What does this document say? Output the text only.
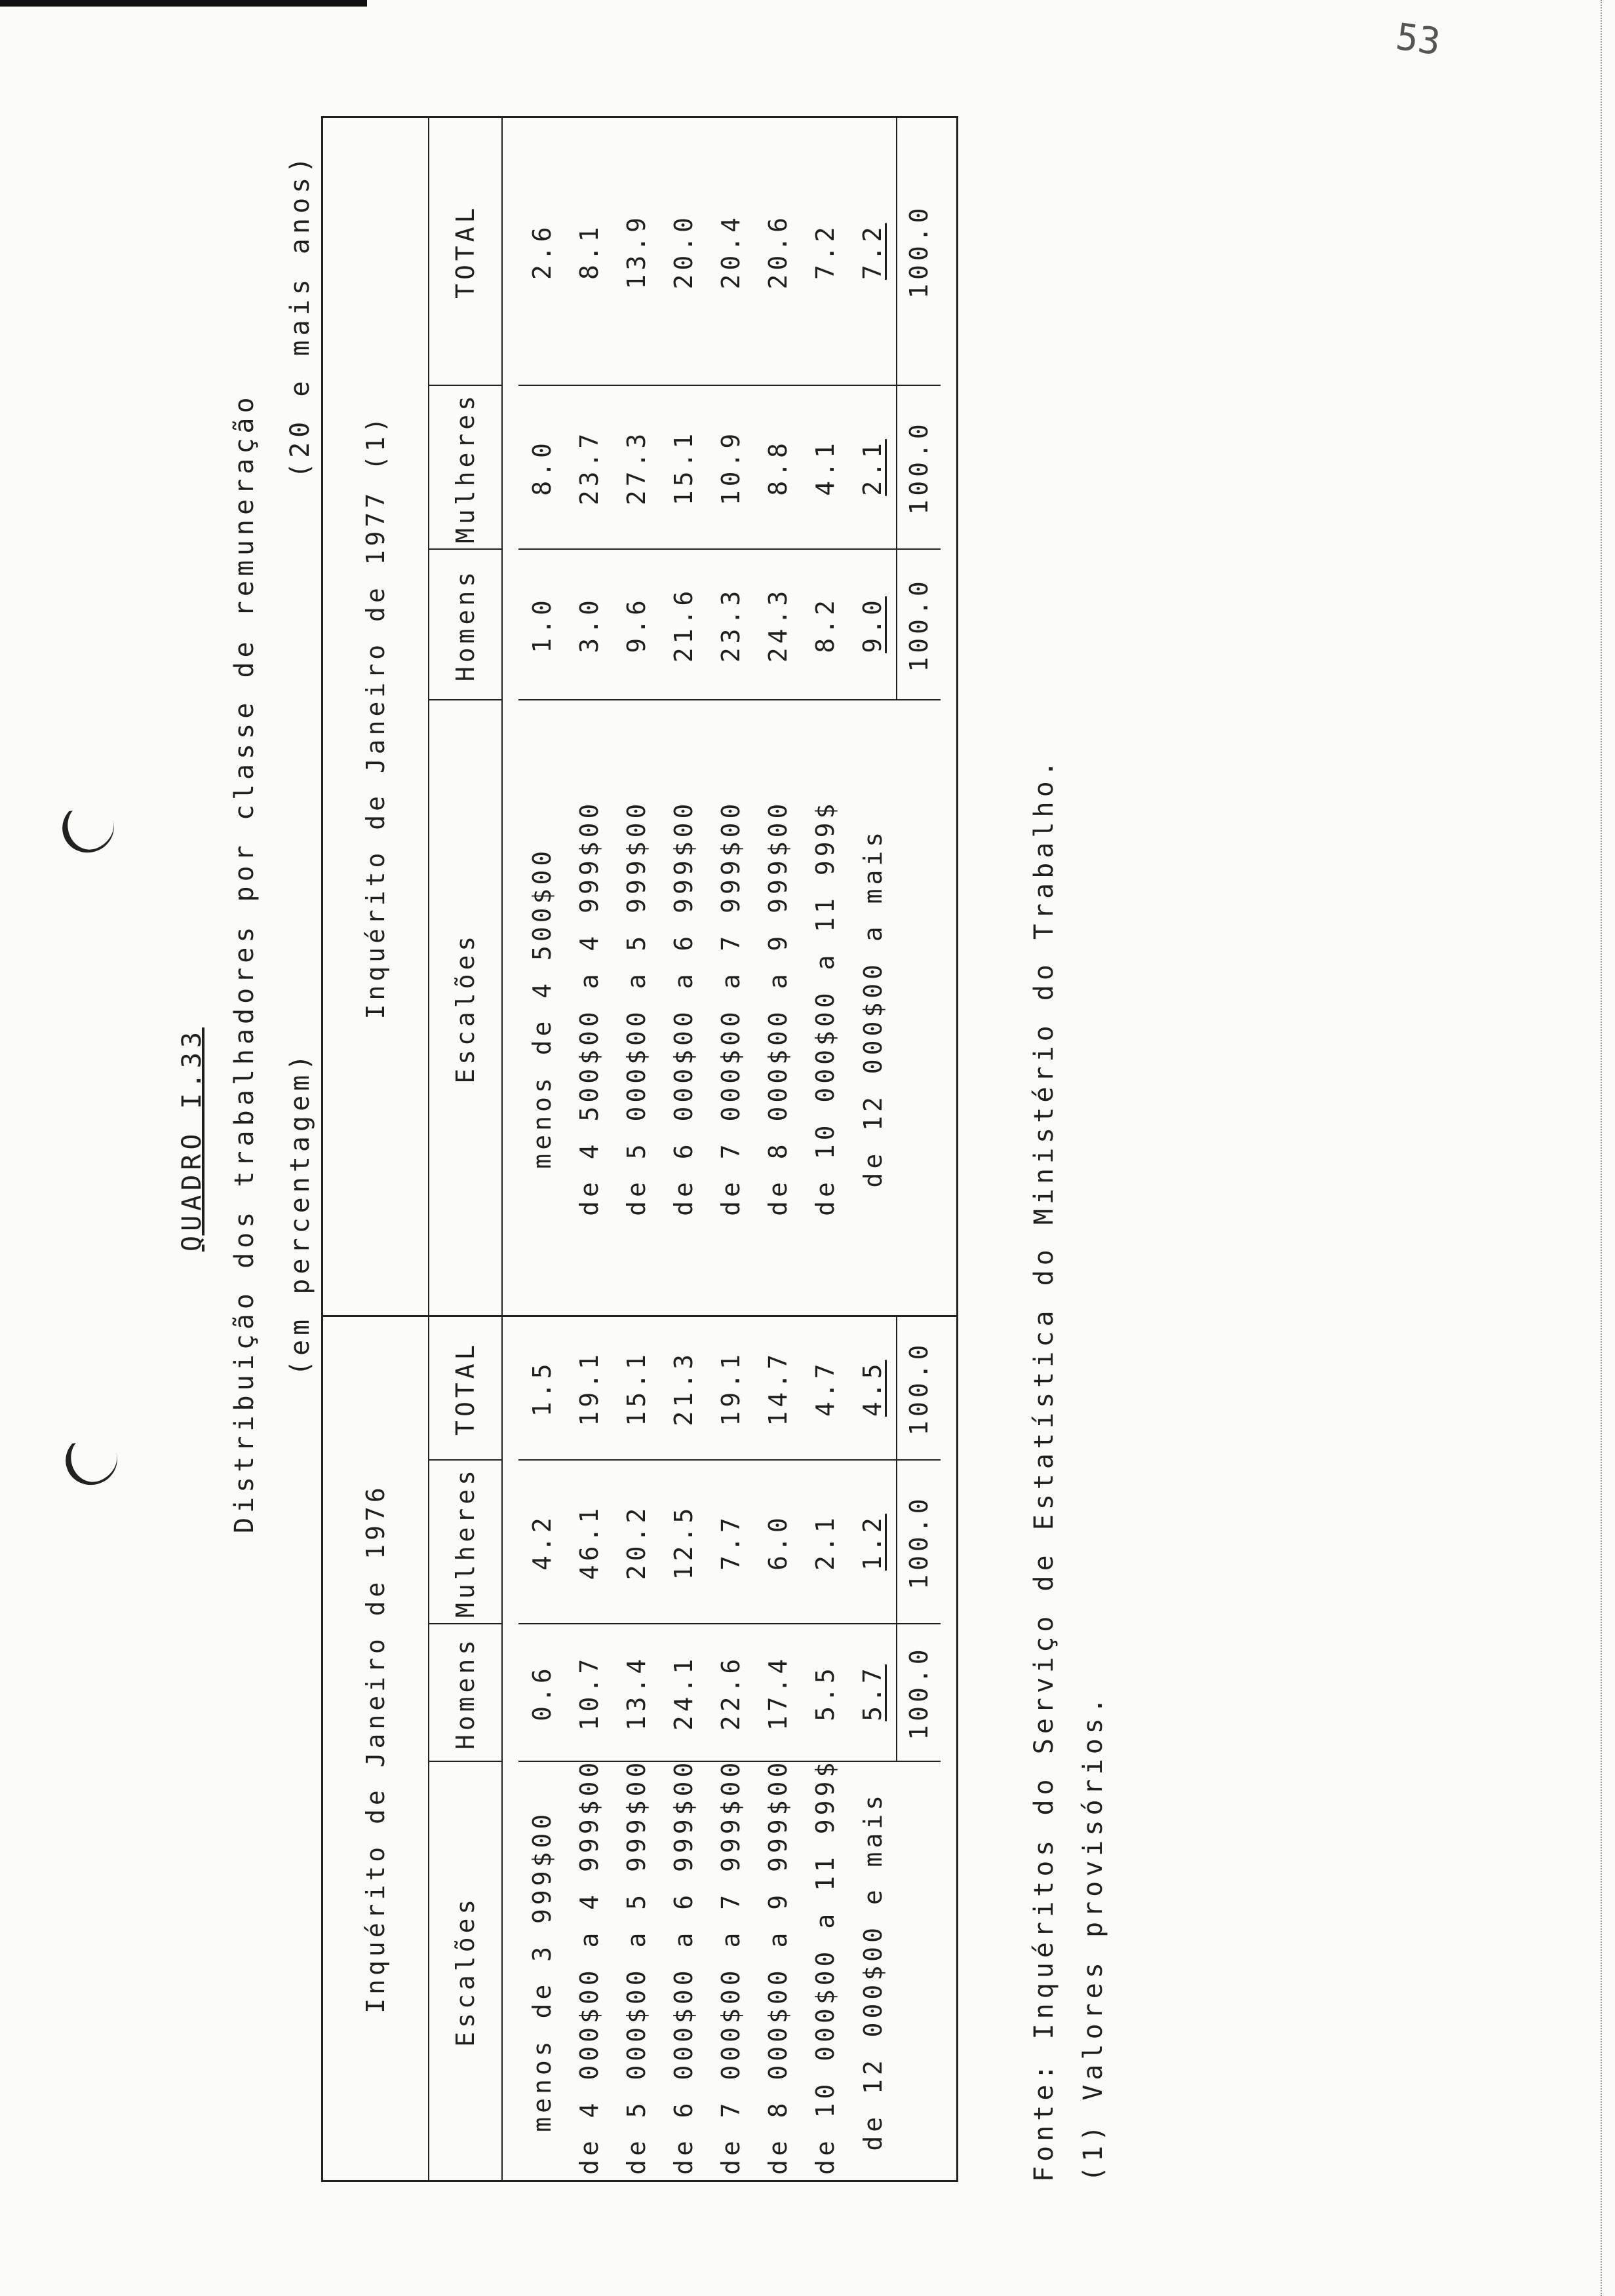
53
QUADRO I.33 Distribuição dos trabalhadores por classe de remuneração (em percentagem)
(20 e mais anos)
Inquérito de Janeiro de 1976				Inquérito de Janeiro de 1977 (1)			
Escalões	Homens	Mulheres	TOTAL	Escalões	Homens	Mulheres	TOTAL

menos de 3 999$00	0.6	4.2	1.5	menos de 4 500$00	1.0	8.0	2.6
de 4 000$00 a 4 999$00	10.7	46.1	19.1	de 4 500$00 a 4 999$00	3.0	23.7	8.1
de 5 000$00 a 5 999$00	13.4	20.2	15.1	de 5 000$00 a 5 999$00	9.6	27.3	13.9
de 6 000$00 a 6 999$00	24.1	12.5	21.3	de 6 000$00 a 6 999$00	21.6	15.1	20.0
de 7 000$00 a 7 999$00	22.6	7.7	19.1	de 7 000$00 a 7 999$00	23.3	10.9	20.4
de 8 000$00 a 9 999$00	17.4	6.0	14.7	de 8 000$00 a 9 999$00	24.3	8.8	20.6
de 10 000$00 a 11 999$	5.5	2.1	4.7	de 10 000$00 a 11 999$	8.2	4.1	7.2
de 12 000$00 e mais	5.7	1.2	4.5	de 12 000$00 a mais	9.0	2.1	7.2
	100.0	100.0	100.0		100.0	100.0	100.0

Fonte: Inquéritos do Serviço de Estatística do Ministério do Trabalho. (1) Valores provisórios.
